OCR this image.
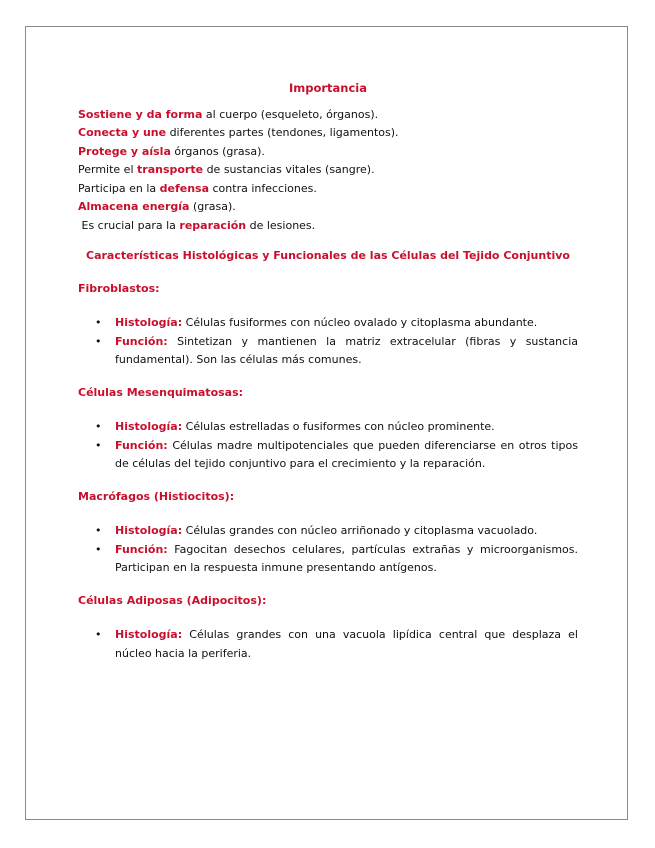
Importancia
Sostiene y da forma al cuerpo (esqueleto, órganos).
Conecta y une diferentes partes (tendones, ligamentos).
Protege y aísla órganos (grasa).
Permite el transporte de sustancias vitales (sangre).
Participa en la defensa contra infecciones.
Almacena energía (grasa).
Es crucial para la reparación de lesiones.
Características Histológicas y Funcionales de las Células del Tejido Conjuntivo
Fibroblastos:
• Histología: Células fusiformes con núcleo ovalado y citoplasma abundante.
• Función: Sintetizan y mantienen la matriz extracelular (fibras y sustancia fundamental). Son las células más comunes.
Células Mesenquimatosas:
• Histología: Células estrelladas o fusiformes con núcleo prominente.
• Función: Células madre multipotenciales que pueden diferenciarse en otros tipos de células del tejido conjuntivo para el crecimiento y la reparación.
Macrófagos (Histiocitos):
• Histología: Células grandes con núcleo arriñonado y citoplasma vacuolado.
• Función: Fagocitan desechos celulares, partículas extrañas y microorganismos. Participan en la respuesta inmune presentando antígenos.
Células Adiposas (Adipocitos):
• Histología: Células grandes con una vacuola lipídica central que desplaza el núcleo hacia la periferia.
